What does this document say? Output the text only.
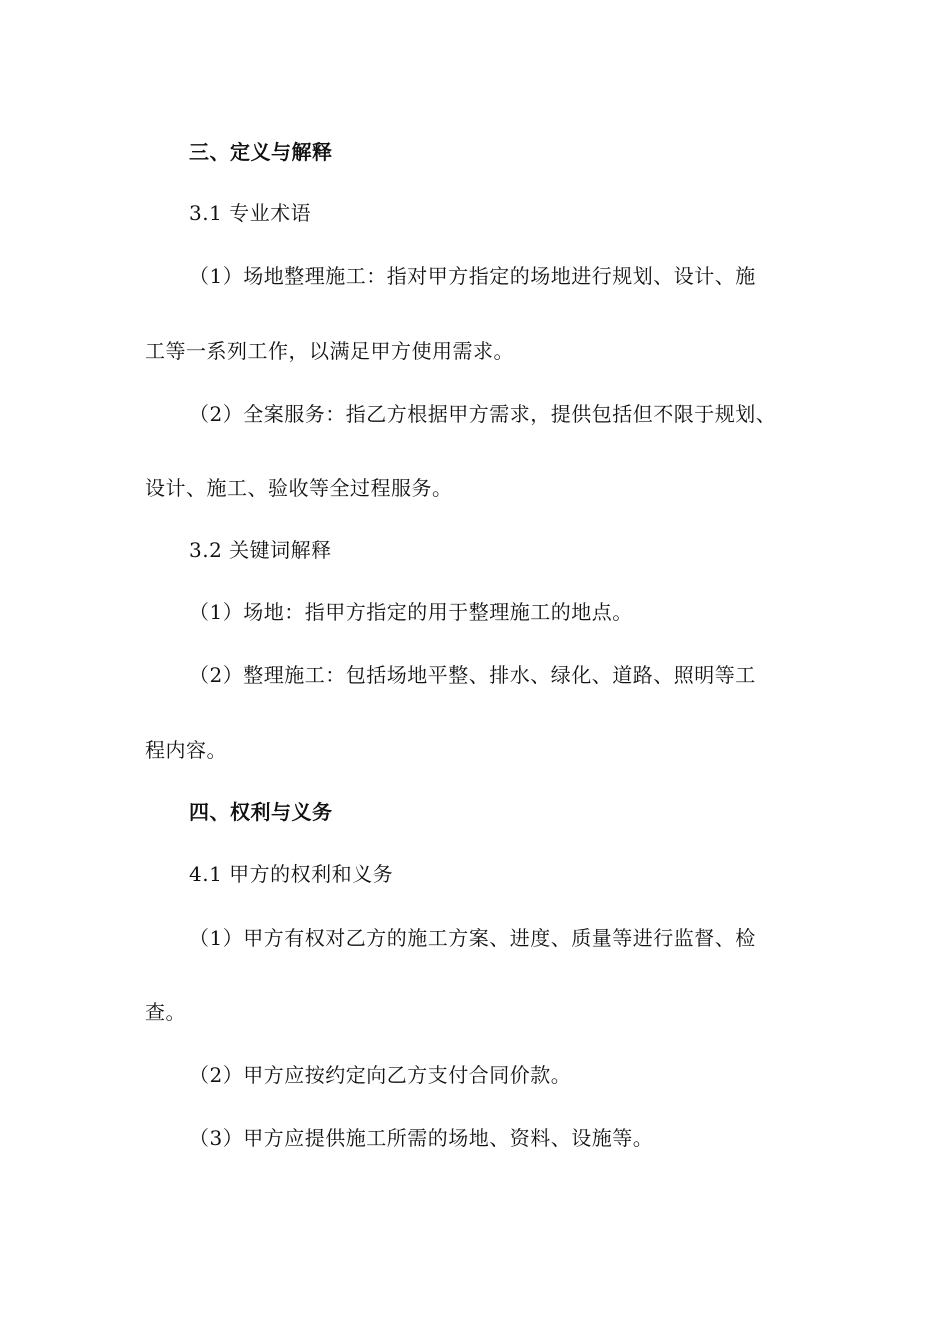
三、定义与解释
3.1 专业术语
（1）场地整理施工：指对甲方指定的场地进行规划、设计、施
工等一系列工作，以满足甲方使用需求。
（2）全案服务：指乙方根据甲方需求，提供包括但不限于规划、
设计、施工、验收等全过程服务。
3.2 关键词解释
（1）场地：指甲方指定的用于整理施工的地点。
（2）整理施工：包括场地平整、排水、绿化、道路、照明等工
程内容。
四、权利与义务
4.1 甲方的权利和义务
（1）甲方有权对乙方的施工方案、进度、质量等进行监督、检
查。
（2）甲方应按约定向乙方支付合同价款。
（3）甲方应提供施工所需的场地、资料、设施等。
